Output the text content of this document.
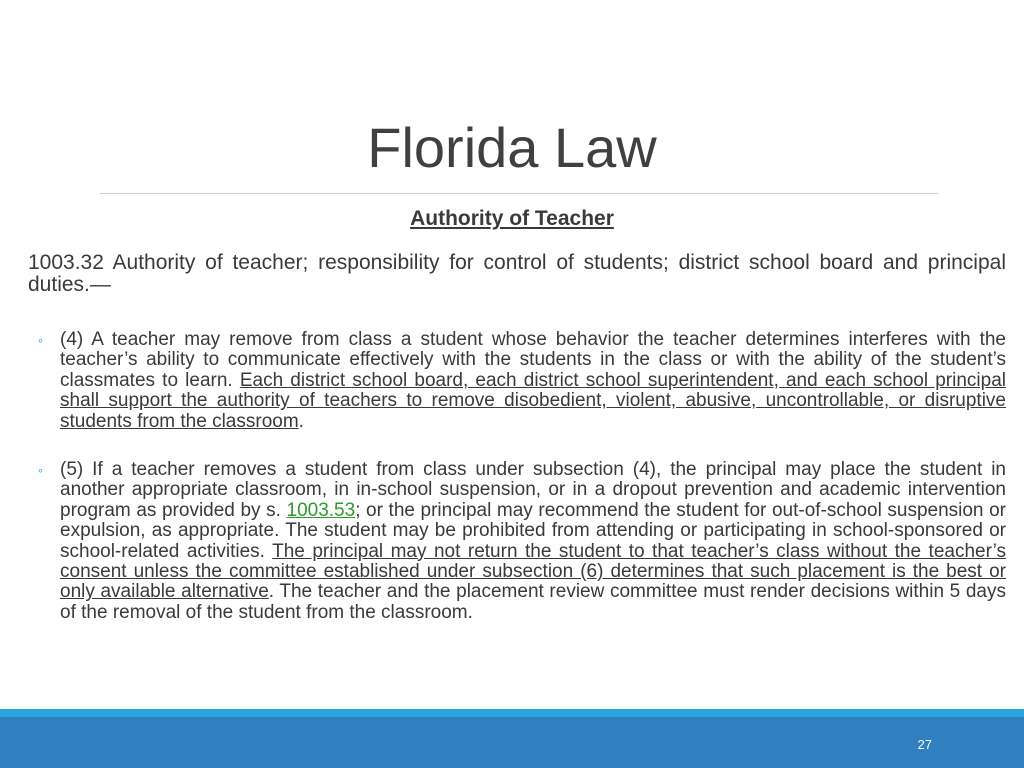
Florida Law
Authority of Teacher
1003.32 Authority of teacher; responsibility for control of students; district school board and principal duties.—
◦ (4) A teacher may remove from class a student whose behavior the teacher determines interferes with the teacher’s ability to communicate effectively with the students in the class or with the ability of the student’s classmates to learn. Each district school board, each district school superintendent, and each school principal shall support the authority of teachers to remove disobedient, violent, abusive, uncontrollable, or disruptive students from the classroom.
◦ (5) If a teacher removes a student from class under subsection (4), the principal may place the student in another appropriate classroom, in in-school suspension, or in a dropout prevention and academic intervention program as provided by s. 1003.53; or the principal may recommend the student for out-of-school suspension or expulsion, as appropriate. The student may be prohibited from attending or participating in school-sponsored or school-related activities. The principal may not return the student to that teacher’s class without the teacher’s consent unless the committee established under subsection (6) determines that such placement is the best or only available alternative. The teacher and the placement review committee must render decisions within 5 days of the removal of the student from the classroom.
27
